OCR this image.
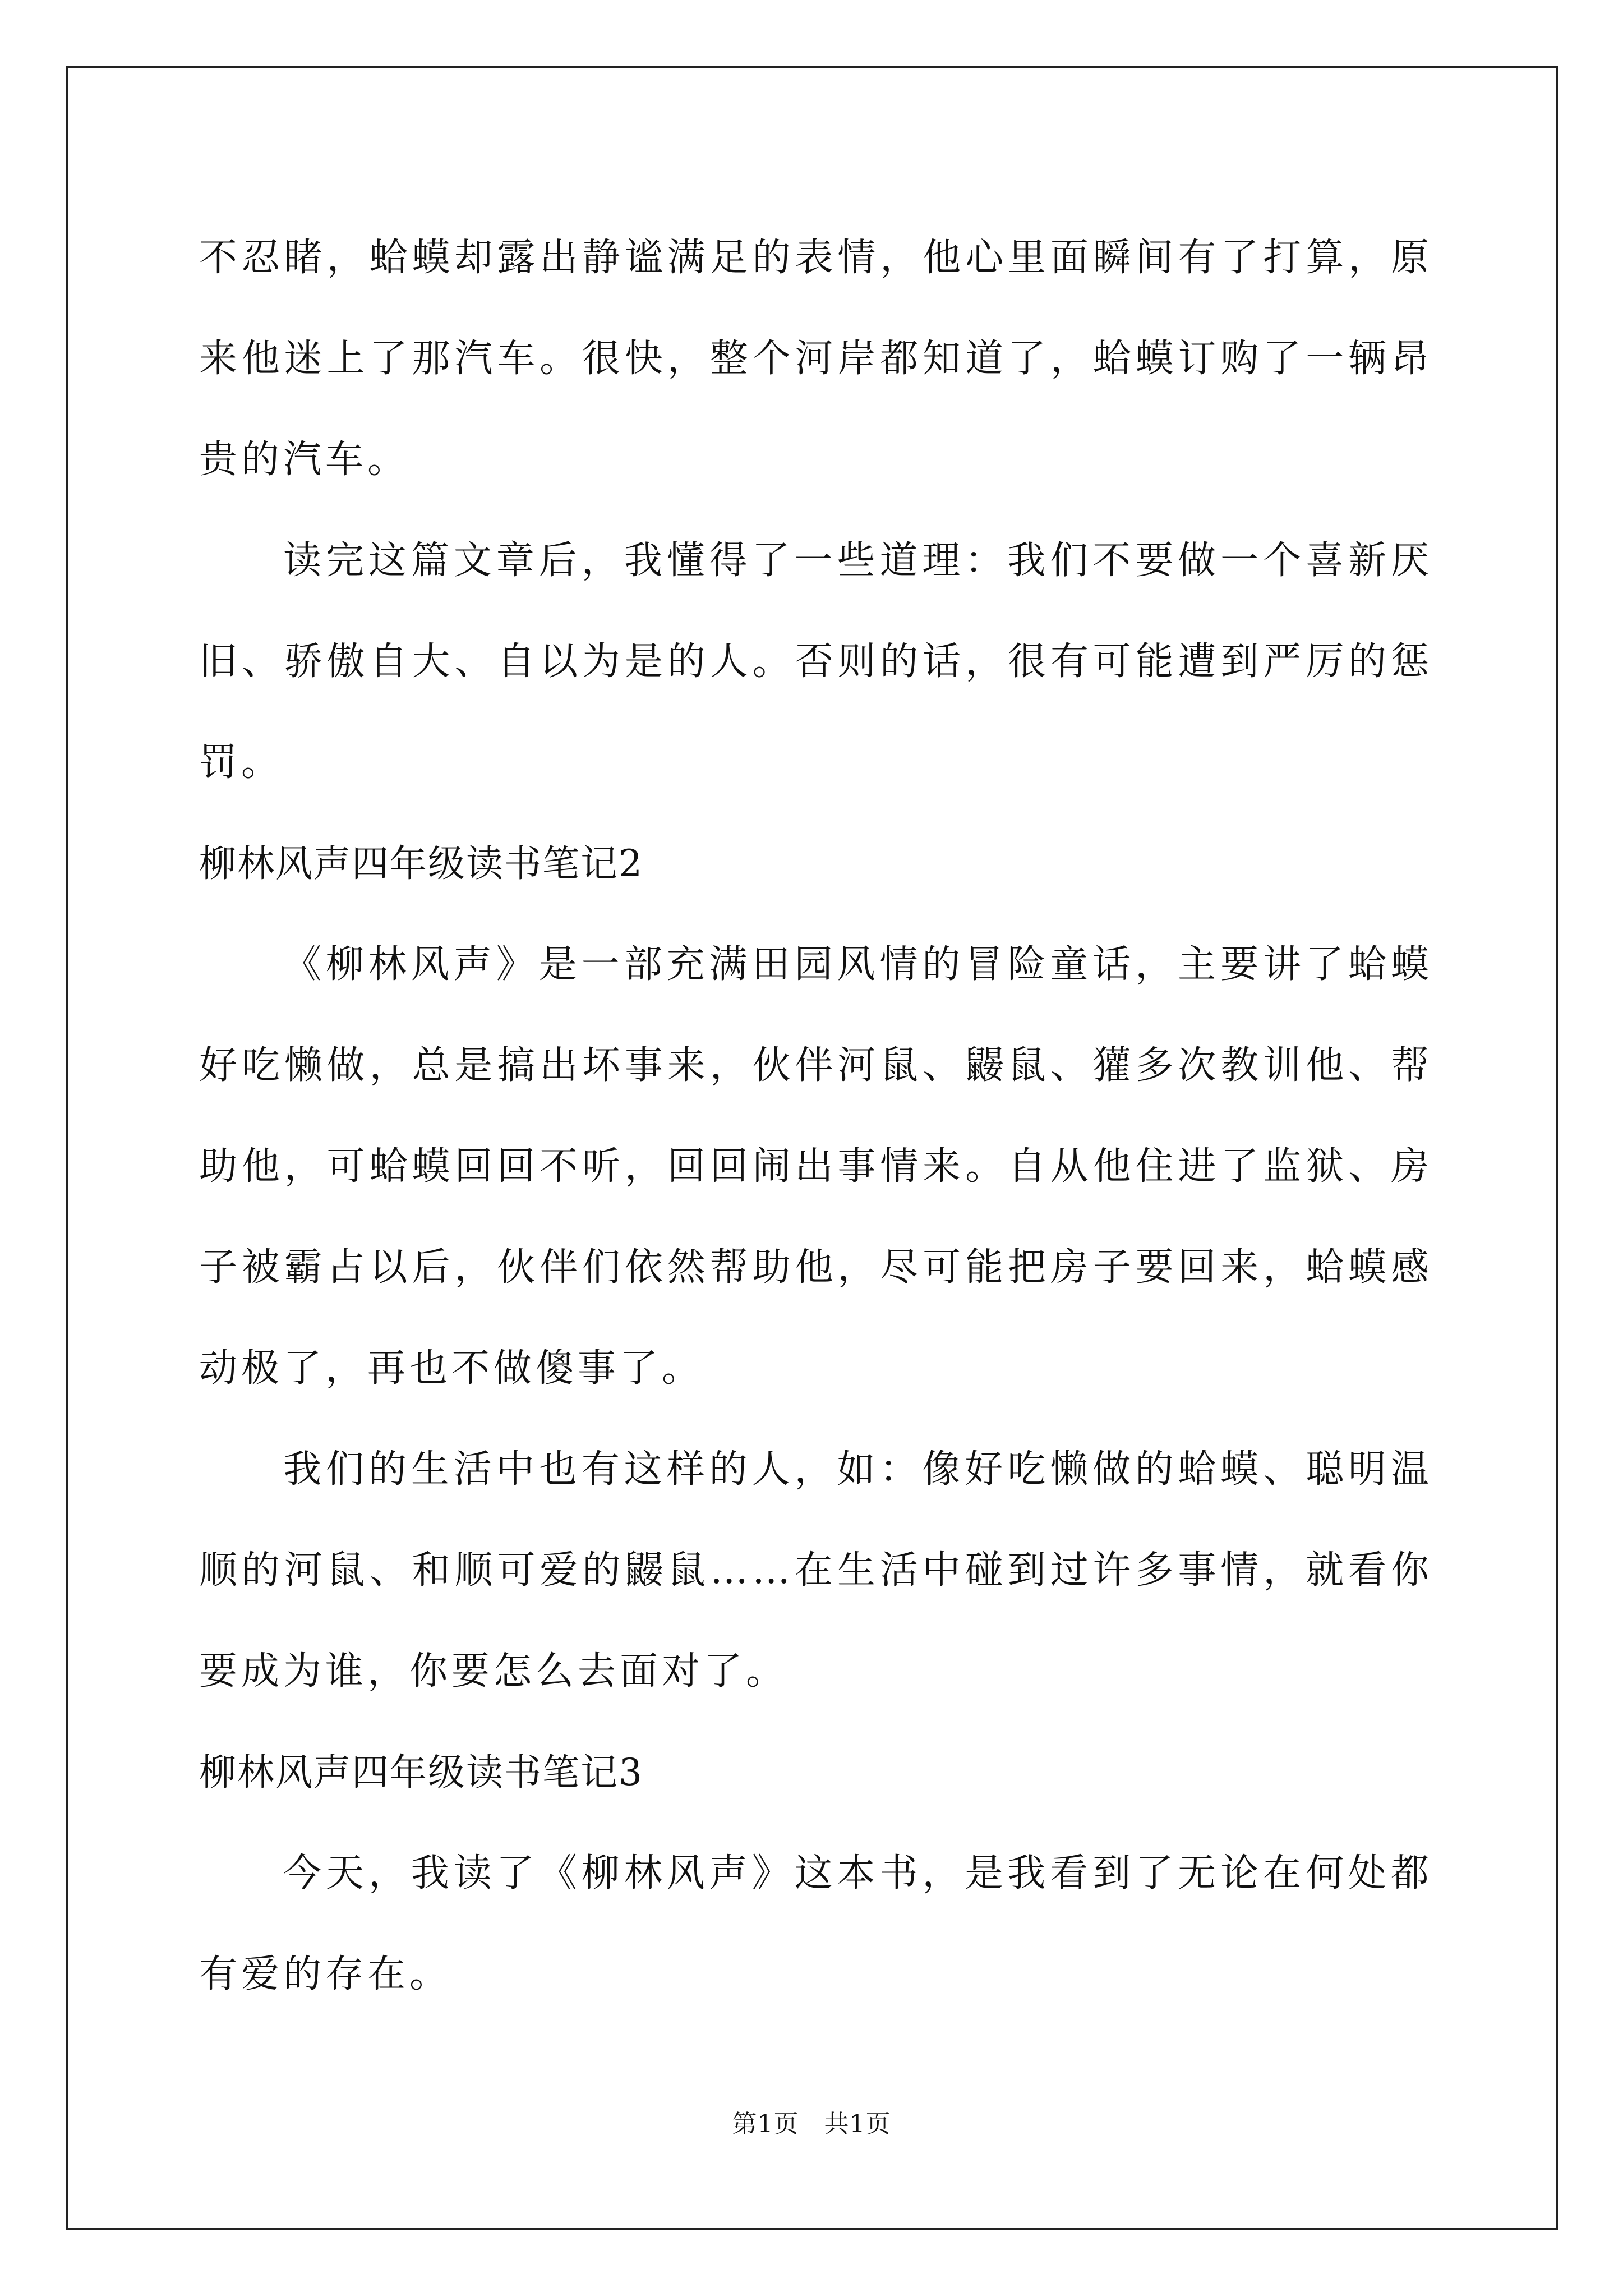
不忍睹，蛤蟆却露出静谧满足的表情，他心里面瞬间有了打算，原来他迷上了那汽车。很快，整个河岸都知道了，蛤蟆订购了一辆昂贵的汽车。

读完这篇文章后，我懂得了一些道理：我们不要做一个喜新厌旧、骄傲自大、自以为是的人。否则的话，很有可能遭到严厉的惩罚。

柳林风声四年级读书笔记2

《柳林风声》是一部充满田园风情的冒险童话，主要讲了蛤蟆好吃懒做，总是搞出坏事来，伙伴河鼠、鼹鼠、獾多次教训他、帮助他，可蛤蟆回回不听，回回闹出事情来。自从他住进了监狱、房子被霸占以后，伙伴们依然帮助他，尽可能把房子要回来，蛤蟆感动极了，再也不做傻事了。

我们的生活中也有这样的人，如：像好吃懒做的蛤蟆、聪明温顺的河鼠、和顺可爱的鼹鼠……在生活中碰到过许多事情，就看你要成为谁，你要怎么去面对了。

柳林风声四年级读书笔记3

今天，我读了《柳林风声》这本书，是我看到了无论在何处都有爱的存在。

第1页　共1页
